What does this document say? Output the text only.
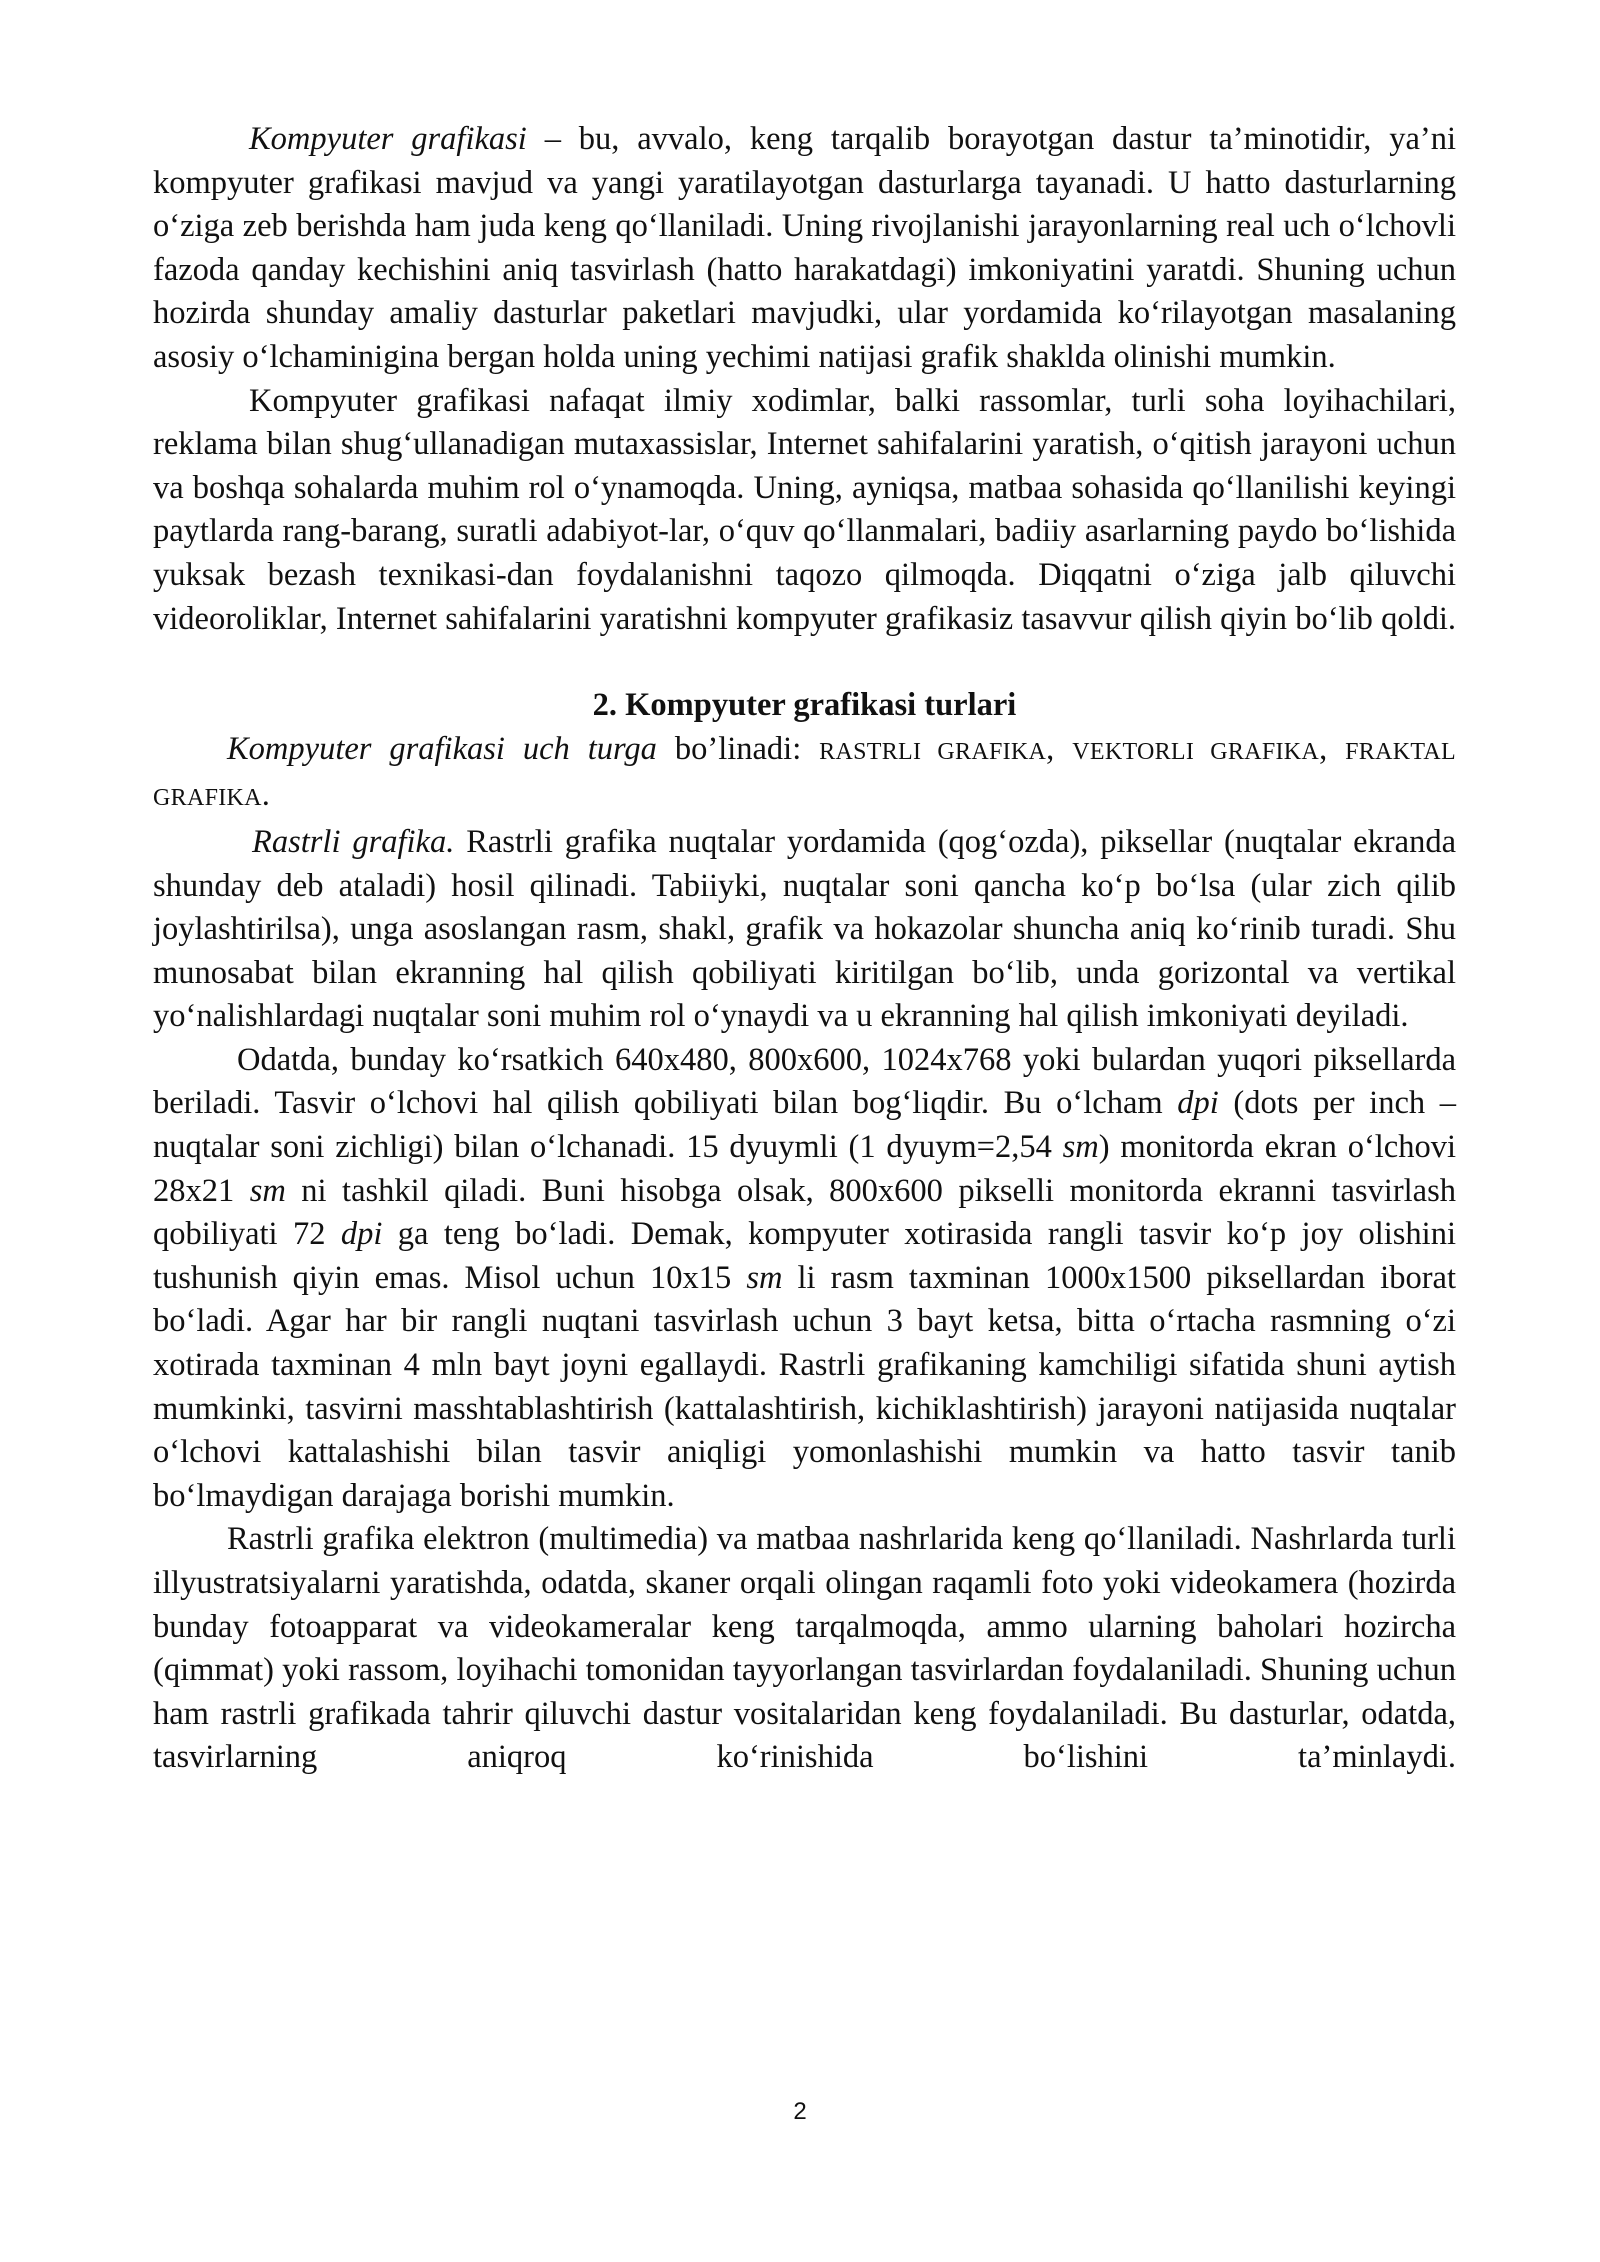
Kompyuter grafikasi – bu, avvalo, keng tarqalib borayotgan dastur ta’minotidir, ya’ni kompyuter grafikasi mavjud va yangi yaratilayotgan dasturlarga tayanadi. U hatto dasturlarning o‘ziga zeb berishda ham juda keng qo‘llaniladi. Uning rivojlanishi jarayonlarning real uch o‘lchovli fazoda qanday kechishini aniq tasvirlash (hatto harakatdagi) imkoniyatini yaratdi. Shuning uchun hozirda shunday amaliy dasturlar paketlari mavjudki, ular yordamida ko‘rilayotgan masalaning asosiy o‘lchaminigina bergan holda uning yechimi natijasi grafik shaklda olinishi mumkin.

Kompyuter grafikasi nafaqat ilmiy xodimlar, balki rassomlar, turli soha loyihachilari, reklama bilan shug‘ullanadigan mutaxassislar, Internet sahifalarini yaratish, o‘qitish jarayoni uchun va boshqa sohalarda muhim rol o‘ynamoqda. Uning, ayniqsa, matbaa sohasida qo‘llanilishi keyingi paytlarda rang-barang, suratli adabiyot-lar, o‘quv qo‘llanmalari, badiiy asarlarning paydo bo‘lishida yuksak bezash texnikasi-dan foydalanishni taqozo qilmoqda. Diqqatni o‘ziga jalb qiluvchi videoroliklar, Internet sahifalarini yaratishni kompyuter grafikasiz tasavvur qilish qiyin bo‘lib qoldi.

2. Kompyuter grafikasi turlari

Kompyuter grafikasi uch turga bo’linadi: RASTRLI GRAFIKA, VEKTORLI GRAFIKA, FRAKTAL GRAFIKA.

Rastrli grafika. Rastrli grafika nuqtalar yordamida (qog‘ozda), piksellar (nuqtalar ekranda shunday deb ataladi) hosil qilinadi. Tabiiyki, nuqtalar soni qancha ko‘p bo‘lsa (ular zich qilib joylashtirilsa), unga asoslangan rasm, shakl, grafik va hokazolar shuncha aniq ko‘rinib turadi. Shu munosabat bilan ekranning hal qilish qobiliyati kiritilgan bo‘lib, unda gorizontal va vertikal yo‘nalishlardagi nuqtalar soni muhim rol o‘ynaydi va u ekranning hal qilish imkoniyati deyiladi.

Odatda, bunday ko‘rsatkich 640x480, 800x600, 1024x768 yoki bulardan yuqori piksellarda beriladi. Tasvir o‘lchovi hal qilish qobiliyati bilan bog‘liqdir. Bu o‘lcham dpi (dots per inch – nuqtalar soni zichligi) bilan o‘lchanadi. 15 dyuymli (1 dyuym=2,54 sm) monitorda ekran o‘lchovi 28x21 sm ni tashkil qiladi. Buni hisobga olsak, 800x600 pikselli monitorda ekranni tasvirlash qobiliyati 72 dpi ga teng bo‘ladi. Demak, kompyuter xotirasida rangli tasvir ko‘p joy olishini tushunish qiyin emas. Misol uchun 10x15 sm li rasm taxminan 1000x1500 piksellardan iborat bo‘ladi. Agar har bir rangli nuqtani tasvirlash uchun 3 bayt ketsa, bitta o‘rtacha rasmning o‘zi xotirada taxminan 4 mln bayt joyni egallaydi. Rastrli grafikaning kamchiligi sifatida shuni aytish mumkinki, tasvirni masshtablashtirish (kattalashtirish, kichiklashtirish) jarayoni natijasida nuqtalar o‘lchovi kattalashishi bilan tasvir aniqligi yomonlashishi mumkin va hatto tasvir tanib bo‘lmaydigan darajaga borishi mumkin.

Rastrli grafika elektron (multimedia) va matbaa nashrlarida keng qo‘llaniladi. Nashrlarda turli illyustratsiyalarni yaratishda, odatda, skaner orqali olingan raqamli foto yoki videokamera (hozirda bunday fotoapparat va videokameralar keng tarqalmoqda, ammo ularning baholari hozircha (qimmat) yoki rassom, loyihachi tomonidan tayyorlangan tasvirlardan foydalaniladi. Shuning uchun ham rastrli grafikada tahrir qiluvchi dastur vositalaridan keng foydalaniladi. Bu dasturlar, odatda, tasvirlarning aniqroq ko‘rinishida bo‘lishini ta’minlaydi.

2
